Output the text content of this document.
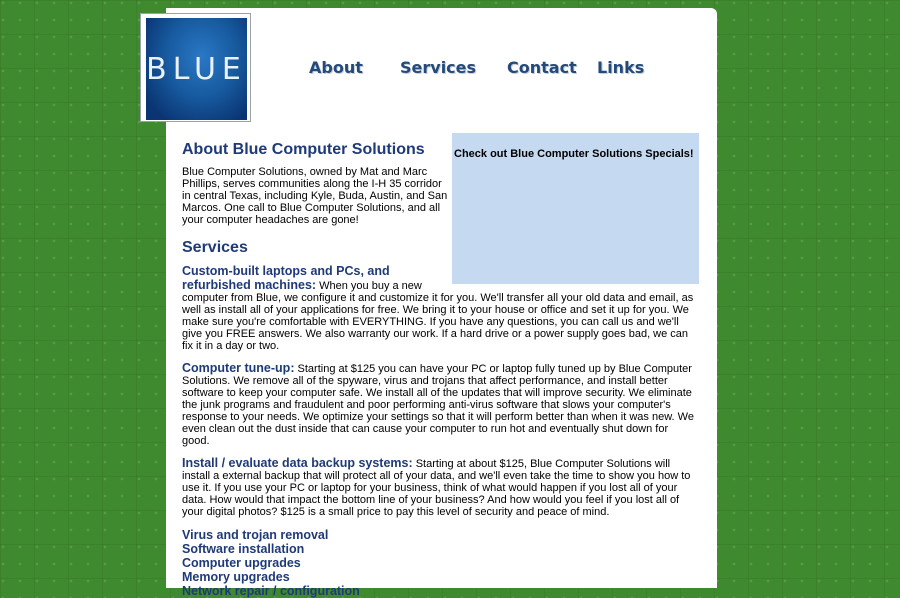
BLUE	About Services Contact Links
Check out Blue Computer Solutions Specials!
About Blue Computer Solutions

Blue Computer Solutions, owned by Mat and Marc Phillips, serves communities along the I-H 35 corridor in central Texas, including Kyle, Buda, Austin, and San Marcos. One call to Blue Computer Solutions, and all your computer headaches are gone!

Services

Custom-built laptops and PCs, and refurbished machines: When you buy a new computer from Blue, we configure it and customize it for you. We'll transfer all your old data and email, as well as install all of your applications for free. We bring it to your house or office and set it up for you. We make sure you're comfortable with EVERYTHING. If you have any questions, you can call us and we'll give you FREE answers. We also warranty our work. If a hard drive or a power supply goes bad, we can fix it in a day or two.

Computer tune-up: Starting at $125 you can have your PC or laptop fully tuned up by Blue Computer Solutions. We remove all of the spyware, virus and trojans that affect performance, and install better software to keep your computer safe. We install all of the updates that will improve security. We eliminate the junk programs and fraudulent and poor performing anti-virus software that slows your computer's response to your needs. We optimize your settings so that it will perform better than when it was new. We even clean out the dust inside that can cause your computer to run hot and eventually shut down for good.

Install / evaluate data backup systems: Starting at about $125, Blue Computer Solutions will install a external backup that will protect all of your data, and we'll even take the time to show you how to use it. If you use your PC or laptop for your business, think of what would happen if you lost all of your data. How would that impact the bottom line of your business? And how would you feel if you lost all of your digital photos? $125 is a small price to pay this level of security and peace of mind.

Virus and trojan removal
Software installation
Computer upgrades
Memory upgrades
Network repair / configuration
